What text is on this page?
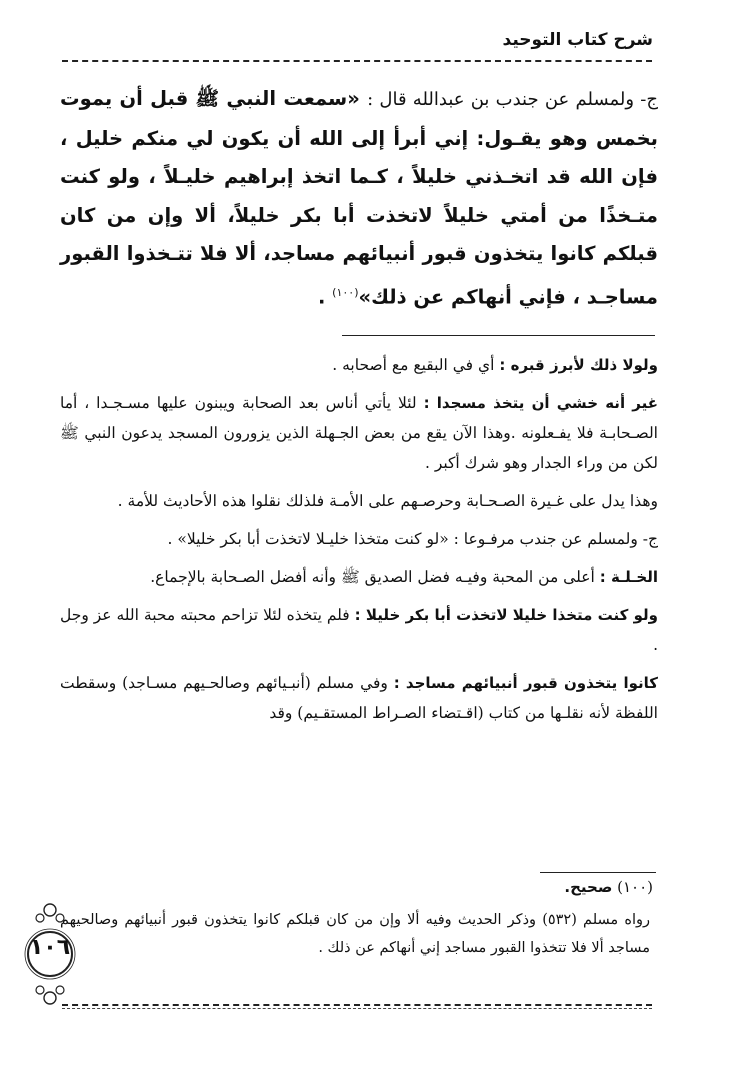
شرح كتاب التوحيد
ج- ولمسلم عن جندب بن عبدالله قال : «سمعت النبي ﷺ قبل أن يموت بخمس وهو يقـول: إني أبرأ إلى الله أن يكون لي منكم خليل ، فإن الله قد اتخـذني خليلاً ، كـما اتخذ إبراهيم خليـلاً ، ولو كنت متـخذًا من أمتي خليلاً لاتخذت أبا بكر خليلاً، ألا وإن من كان قبلكم كانوا يتخذون قبور أنبيائهم مساجد، ألا فلا تتـخذوا القبور مساجـد ، فإني أنهاكم عن ذلك»$^{(١٠٠)}$ .

ولولا ذلك لأبرز قبره : أي في البقيع مع أصحابه .

غير أنه خشي أن يتخذ مسجدا : لئلا يأتي أناس بعد الصحابة ويبنون عليها مسـجـدا ، أما الصـحابـة فلا يفـعلونه .وهذا الآن يقع من بعض الجـهلة الذين يزورون المسجد يدعون النبي ﷺ لكن من وراء الجدار وهو شرك أكبر .

وهذا يدل على غـيرة الصـحـابة وحرصـهم على الأمـة فلذلك نقلوا هذه الأحاديث للأمة .

ج- ولمسلم عن جندب مرفـوعا : «لو كنت متخذا خليـلا لاتخذت أبا بكر خليلا» .

الخـلـة : أعلى من المحبة وفيـه فضل الصديق ﷺ وأنه أفضل الصـحابة بالإجماع.

ولو كنت متخذا خليلا لاتخذت أبا بكر خليلا : فلم يتخذه لئلا تزاحم محبته محبة الله عز وجل .

كانوا يتخذون قبور أنبيائهم مساجد : وفي مسلم (أنبـيائهم وصالحـيهم مسـاجد) وسقطت اللفظة لأنه نقلـها من كتاب (اقـتضاء الصـراط المستقـيم) وقد

(١٠٠) صحيح.
رواه مسلم (٥٣٢) وذكر الحديث وفيه ألا وإن من كان قبلكم كانوا يتخذون قبور أنبيائهم وصالحيهم مساجد ألا فلا تتخذوا القبور مساجد إني أنهاكم عن ذلك .
١٠٦
